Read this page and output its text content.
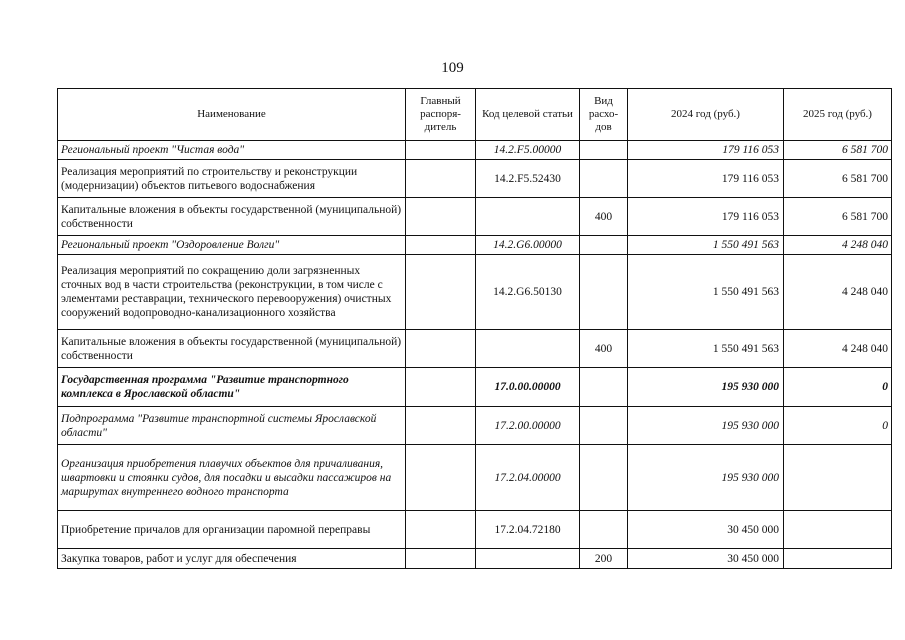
109
Наименование	Главный распоря-дитель	Код целевой статьи	Вид расхо-дов	2024 год (руб.)	2025 год (руб.)
Региональный проект "Чистая вода"		14.2.F5.00000		179 116 053	6 581 700
Реализация мероприятий по строительству и реконструкции (модернизации) объектов питьевого водоснабжения		14.2.F5.52430		179 116 053	6 581 700
Капитальные вложения в объекты государственной (муниципальной) собственности			400	179 116 053	6 581 700
Региональный проект "Оздоровление Волги"		14.2.G6.00000		1 550 491 563	4 248 040
Реализация мероприятий по сокращению доли загрязненных сточных вод в части строительства (реконструкции, в том числе с элементами реставрации, технического перевооружения) очистных сооружений водопроводно-канализационного хозяйства		14.2.G6.50130		1 550 491 563	4 248 040
Капитальные вложения в объекты государственной (муниципальной) собственности			400	1 550 491 563	4 248 040
Государственная программа "Развитие транспортного комплекса в Ярославской области"		17.0.00.00000		195 930 000	0
Подпрограмма "Развитие транспортной системы Ярославской области"		17.2.00.00000		195 930 000	0
Организация приобретения плавучих объектов для причаливания, швартовки и стоянки судов, для посадки и высадки пассажиров на маршрутах внутреннего водного транспорта		17.2.04.00000		195 930 000	
Приобретение причалов для организации паромной переправы		17.2.04.72180		30 450 000	
Закупка товаров, работ и услуг для обеспечения			200	30 450 000	
